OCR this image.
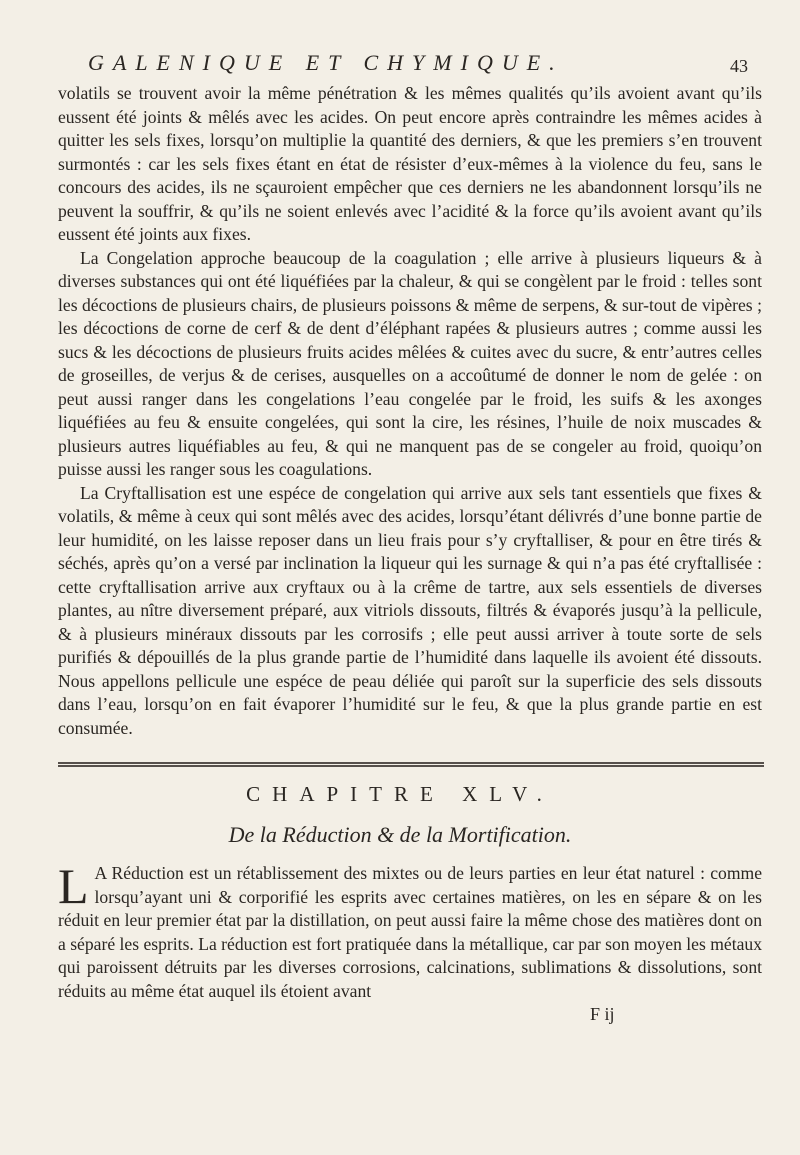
GALENIQUE ET CHYMIQUE.	43

volatils se trouvent avoir la même pénétration & les mêmes qualités qu’ils avoient avant qu’ils eussent été joints & mêlés avec les acides. On peut encore après contraindre les mêmes acides à quitter les sels fixes, lorsqu’on multiplie la quantité des derniers, & que les premiers s’en trouvent surmontés : car les sels fixes étant en état de résister d’eux-mêmes à la violence du feu, sans le concours des acides, ils ne sçauroient empêcher que ces derniers ne les abandonnent lorsqu’ils ne peuvent la souffrir, & qu’ils ne soient enlevés avec l’acidité & la force qu’ils avoient avant qu’ils eussent été joints aux fixes.

La Congelation approche beaucoup de la coagulation ; elle arrive à plusieurs liqueurs & à diverses substances qui ont été liquéfiées par la chaleur, & qui se congèlent par le froid : telles sont les décoctions de plusieurs chairs, de plusieurs poissons & même de serpens, & sur-tout de vipères ; les décoctions de corne de cerf & de dent d’éléphant rapées & plusieurs autres ; comme aussi les sucs & les décoctions de plusieurs fruits acides mêlées & cuites avec du sucre, & entr’autres celles de groseilles, de verjus & de cerises, ausquelles on a accoûtumé de donner le nom de gelée : on peut aussi ranger dans les congelations l’eau congelée par le froid, les suifs & les axonges liquéfiées au feu & ensuite congelées, qui sont la cire, les résines, l’huile de noix muscades & plusieurs autres liquéfiables au feu, & qui ne manquent pas de se congeler au froid, quoiqu’on puisse aussi les ranger sous les coagulations.

La Cryftallisation est une espéce de congelation qui arrive aux sels tant essentiels que fixes & volatils, & même à ceux qui sont mêlés avec des acides, lorsqu’étant délivrés d’une bonne partie de leur humidité, on les laisse reposer dans un lieu frais pour s’y cryftalliser, & pour en être tirés & séchés, après qu’on a versé par inclination la liqueur qui les surnage & qui n’a pas été cryftallisée : cette cryftallisation arrive aux cryftaux ou à la crême de tartre, aux sels essentiels de diverses plantes, au nître diversement préparé, aux vitriols dissouts, filtrés & évaporés jusqu’à la pellicule, & à plusieurs minéraux dissouts par les corrosifs ; elle peut aussi arriver à toute sorte de sels purifiés & dépouillés de la plus grande partie de l’humidité dans laquelle ils avoient été dissouts. Nous appellons pellicule une espéce de peau déliée qui paroît sur la superficie des sels dissouts dans l’eau, lorsqu’on en fait évaporer l’humidité sur le feu, & que la plus grande partie en est consumée.

CHAPITRE XLV.
De la Réduction & de la Mortification.
L A Réduction est un rétablissement des mixtes ou de leurs parties en leur état naturel : comme lorsqu’ayant uni & corporifié les esprits avec certaines matières, on les en sépare & on les réduit en leur premier état par la distillation, on peut aussi faire la même chose des matières dont on a séparé les esprits. La réduction est fort pratiquée dans la métallique, car par son moyen les métaux qui paroissent détruits par les diverses corrosions, calcinations, sublimations & dissolutions, sont réduits au même état auquel ils étoient avant
F ij
